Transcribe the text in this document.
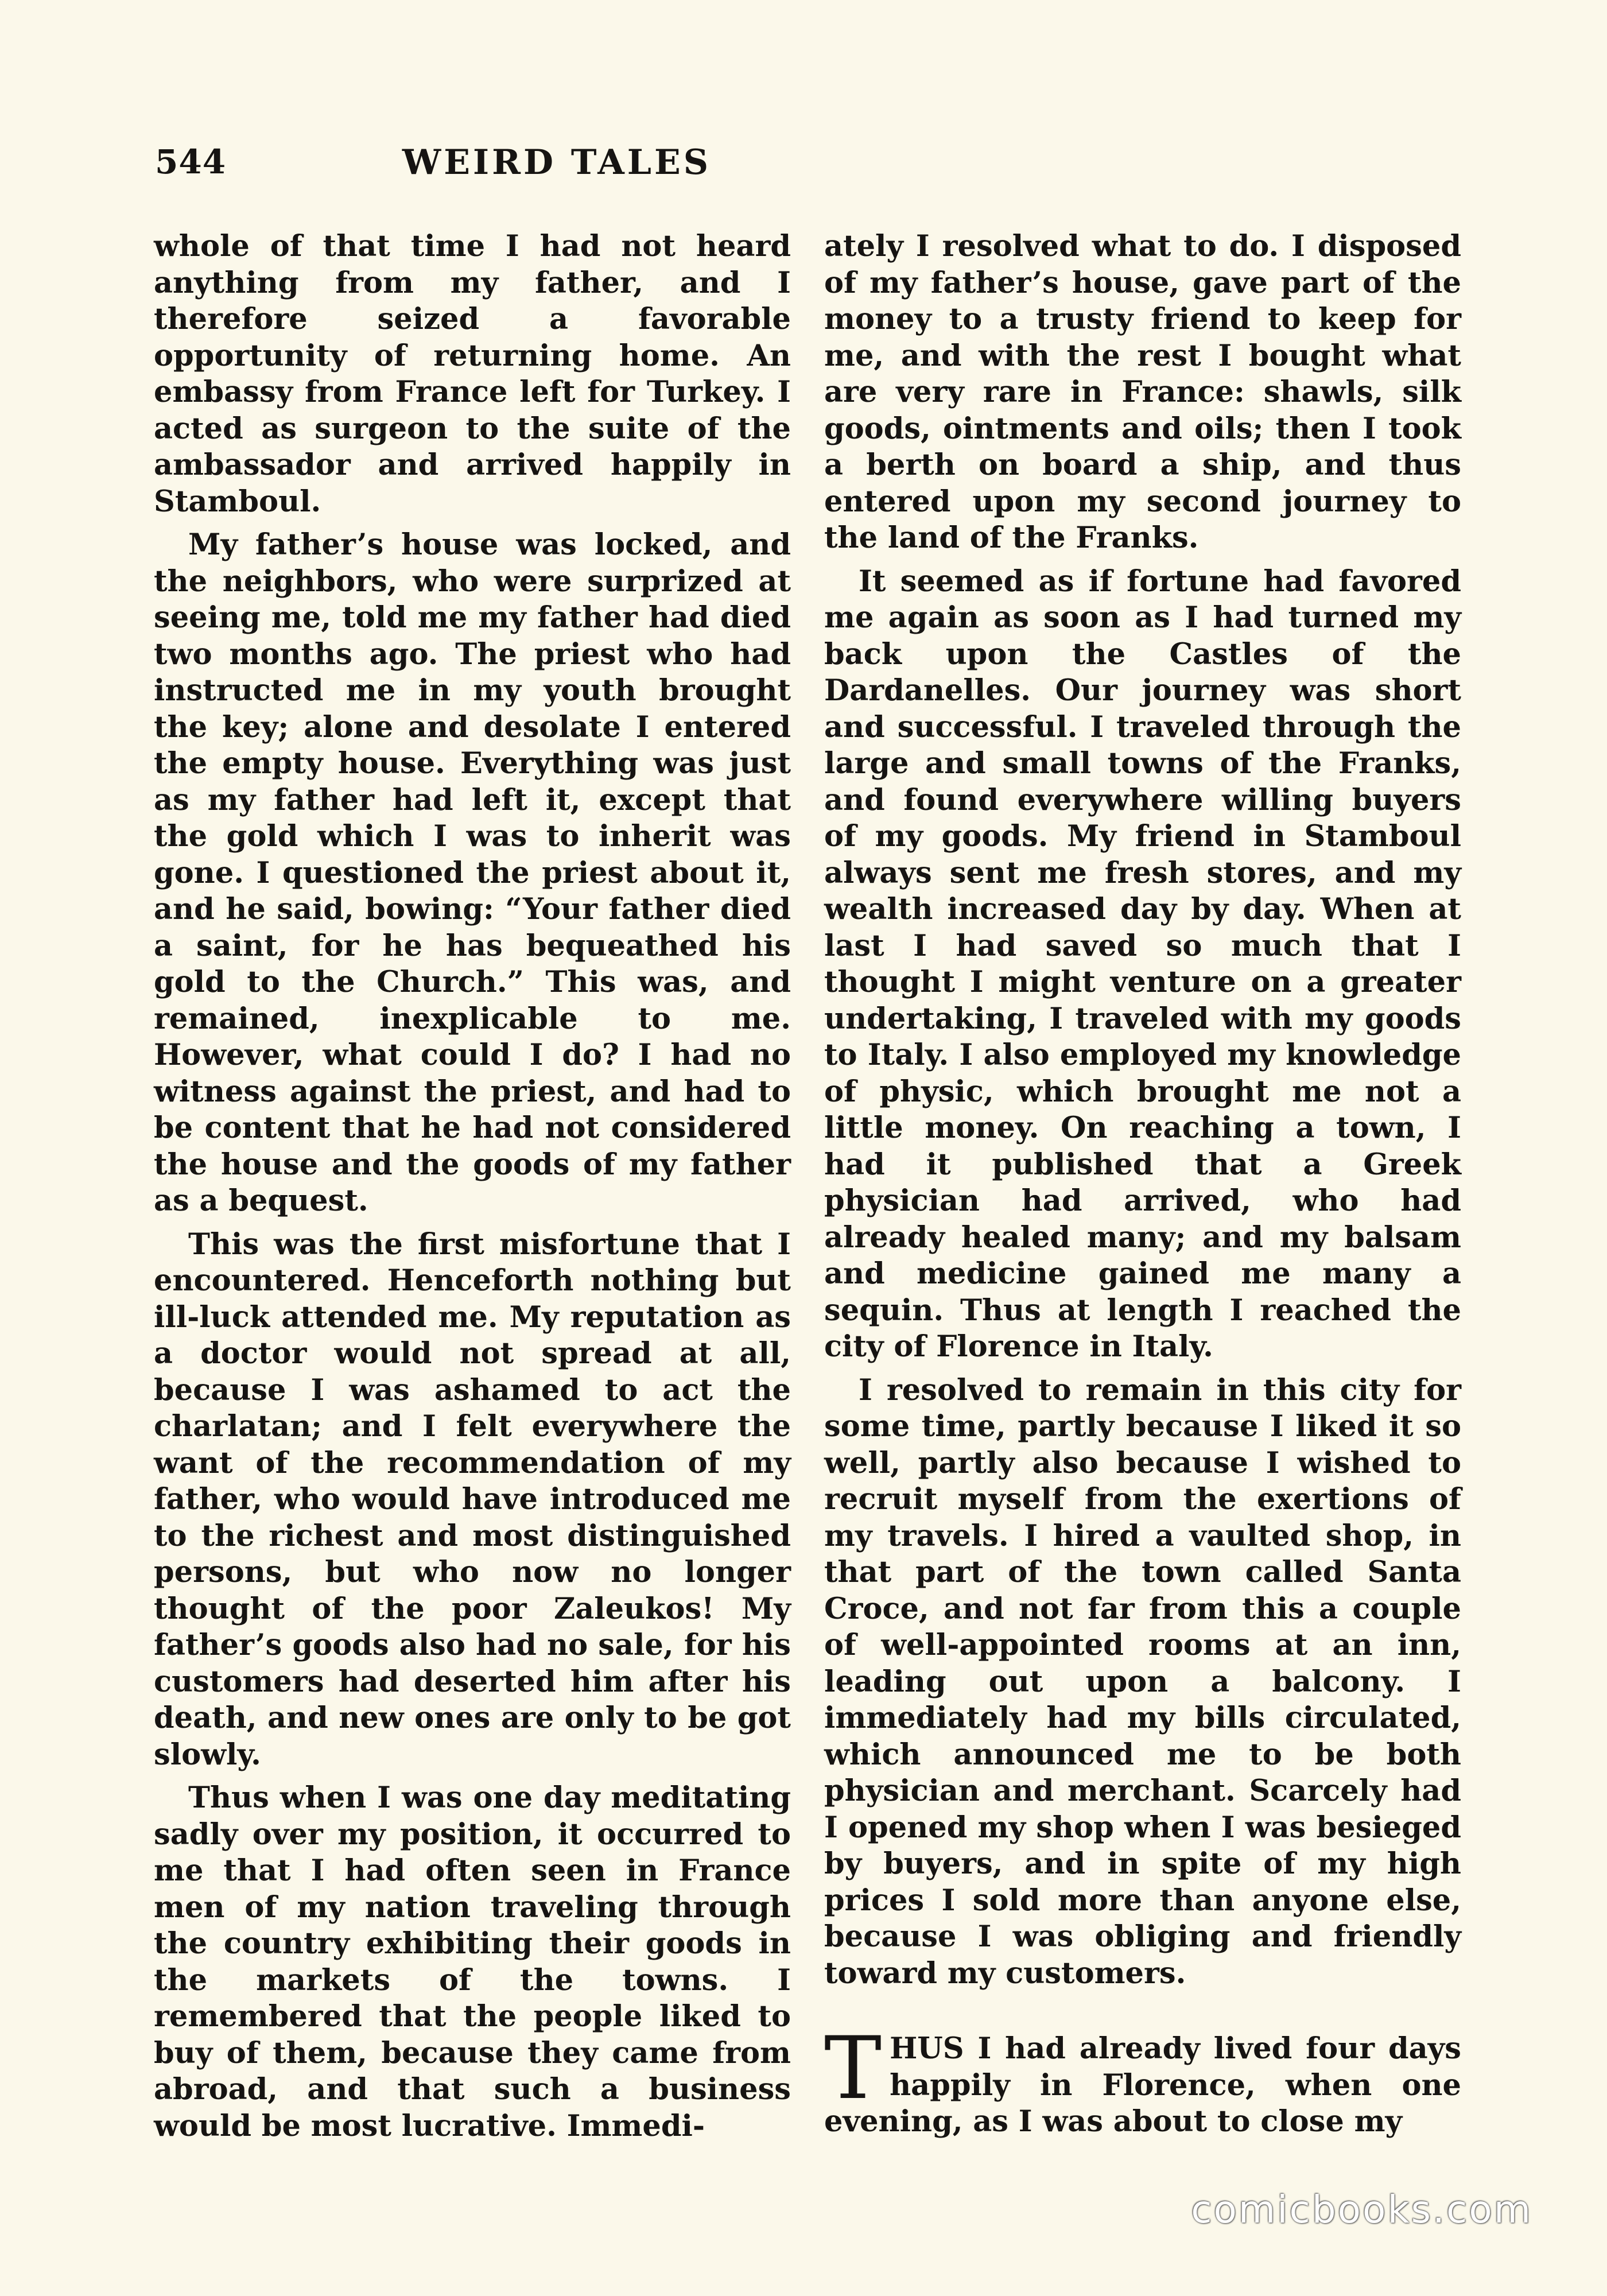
544	WEIRD TALES

whole of that time I had not heard anything from my father, and I therefore seized a favorable opportunity of returning home. An embassy from France left for Turkey. I acted as surgeon to the suite of the ambassador and arrived happily in Stamboul.

My father’s house was locked, and the neighbors, who were surprized at seeing me, told me my father had died two months ago. The priest who had instructed me in my youth brought the key; alone and desolate I entered the empty house. Everything was just as my father had left it, except that the gold which I was to inherit was gone. I questioned the priest about it, and he said, bowing: “Your father died a saint, for he has bequeathed his gold to the Church.” This was, and remained, inexplicable to me. However, what could I do? I had no witness against the priest, and had to be content that he had not considered the house and the goods of my father as a bequest.

This was the first misfortune that I encountered. Henceforth nothing but ill-luck attended me. My reputation as a doctor would not spread at all, because I was ashamed to act the charlatan; and I felt everywhere the want of the recommendation of my father, who would have introduced me to the richest and most distinguished persons, but who now no longer thought of the poor Zaleukos! My father’s goods also had no sale, for his customers had deserted him after his death, and new ones are only to be got slowly.

Thus when I was one day meditating sadly over my position, it occurred to me that I had often seen in France men of my nation traveling through the country exhibiting their goods in the markets of the towns. I remembered that the people liked to buy of them, because they came from abroad, and that such a business would be most lucrative. Immedi-

ately I resolved what to do. I disposed of my father’s house, gave part of the money to a trusty friend to keep for me, and with the rest I bought what are very rare in France: shawls, silk goods, ointments and oils; then I took a berth on board a ship, and thus entered upon my second journey to the land of the Franks.

It seemed as if fortune had favored me again as soon as I had turned my back upon the Castles of the Dardanelles. Our journey was short and successful. I traveled through the large and small towns of the Franks, and found everywhere willing buyers of my goods. My friend in Stamboul always sent me fresh stores, and my wealth increased day by day. When at last I had saved so much that I thought I might venture on a greater undertaking, I traveled with my goods to Italy. I also employed my knowledge of physic, which brought me not a little money. On reaching a town, I had it published that a Greek physician had arrived, who had already healed many; and my balsam and medicine gained me many a sequin. Thus at length I reached the city of Florence in Italy.

I resolved to remain in this city for some time, partly because I liked it so well, partly also because I wished to recruit myself from the exertions of my travels. I hired a vaulted shop, in that part of the town called Santa Croce, and not far from this a couple of well-appointed rooms at an inn, leading out upon a balcony. I immediately had my bills circulated, which announced me to be both physician and merchant. Scarcely had I opened my shop when I was besieged by buyers, and in spite of my high prices I sold more than anyone else, because I was obliging and friendly toward my customers.

THUS I had already lived four days happily in Florence, when one evening, as I was about to close my

comicbooks.com
